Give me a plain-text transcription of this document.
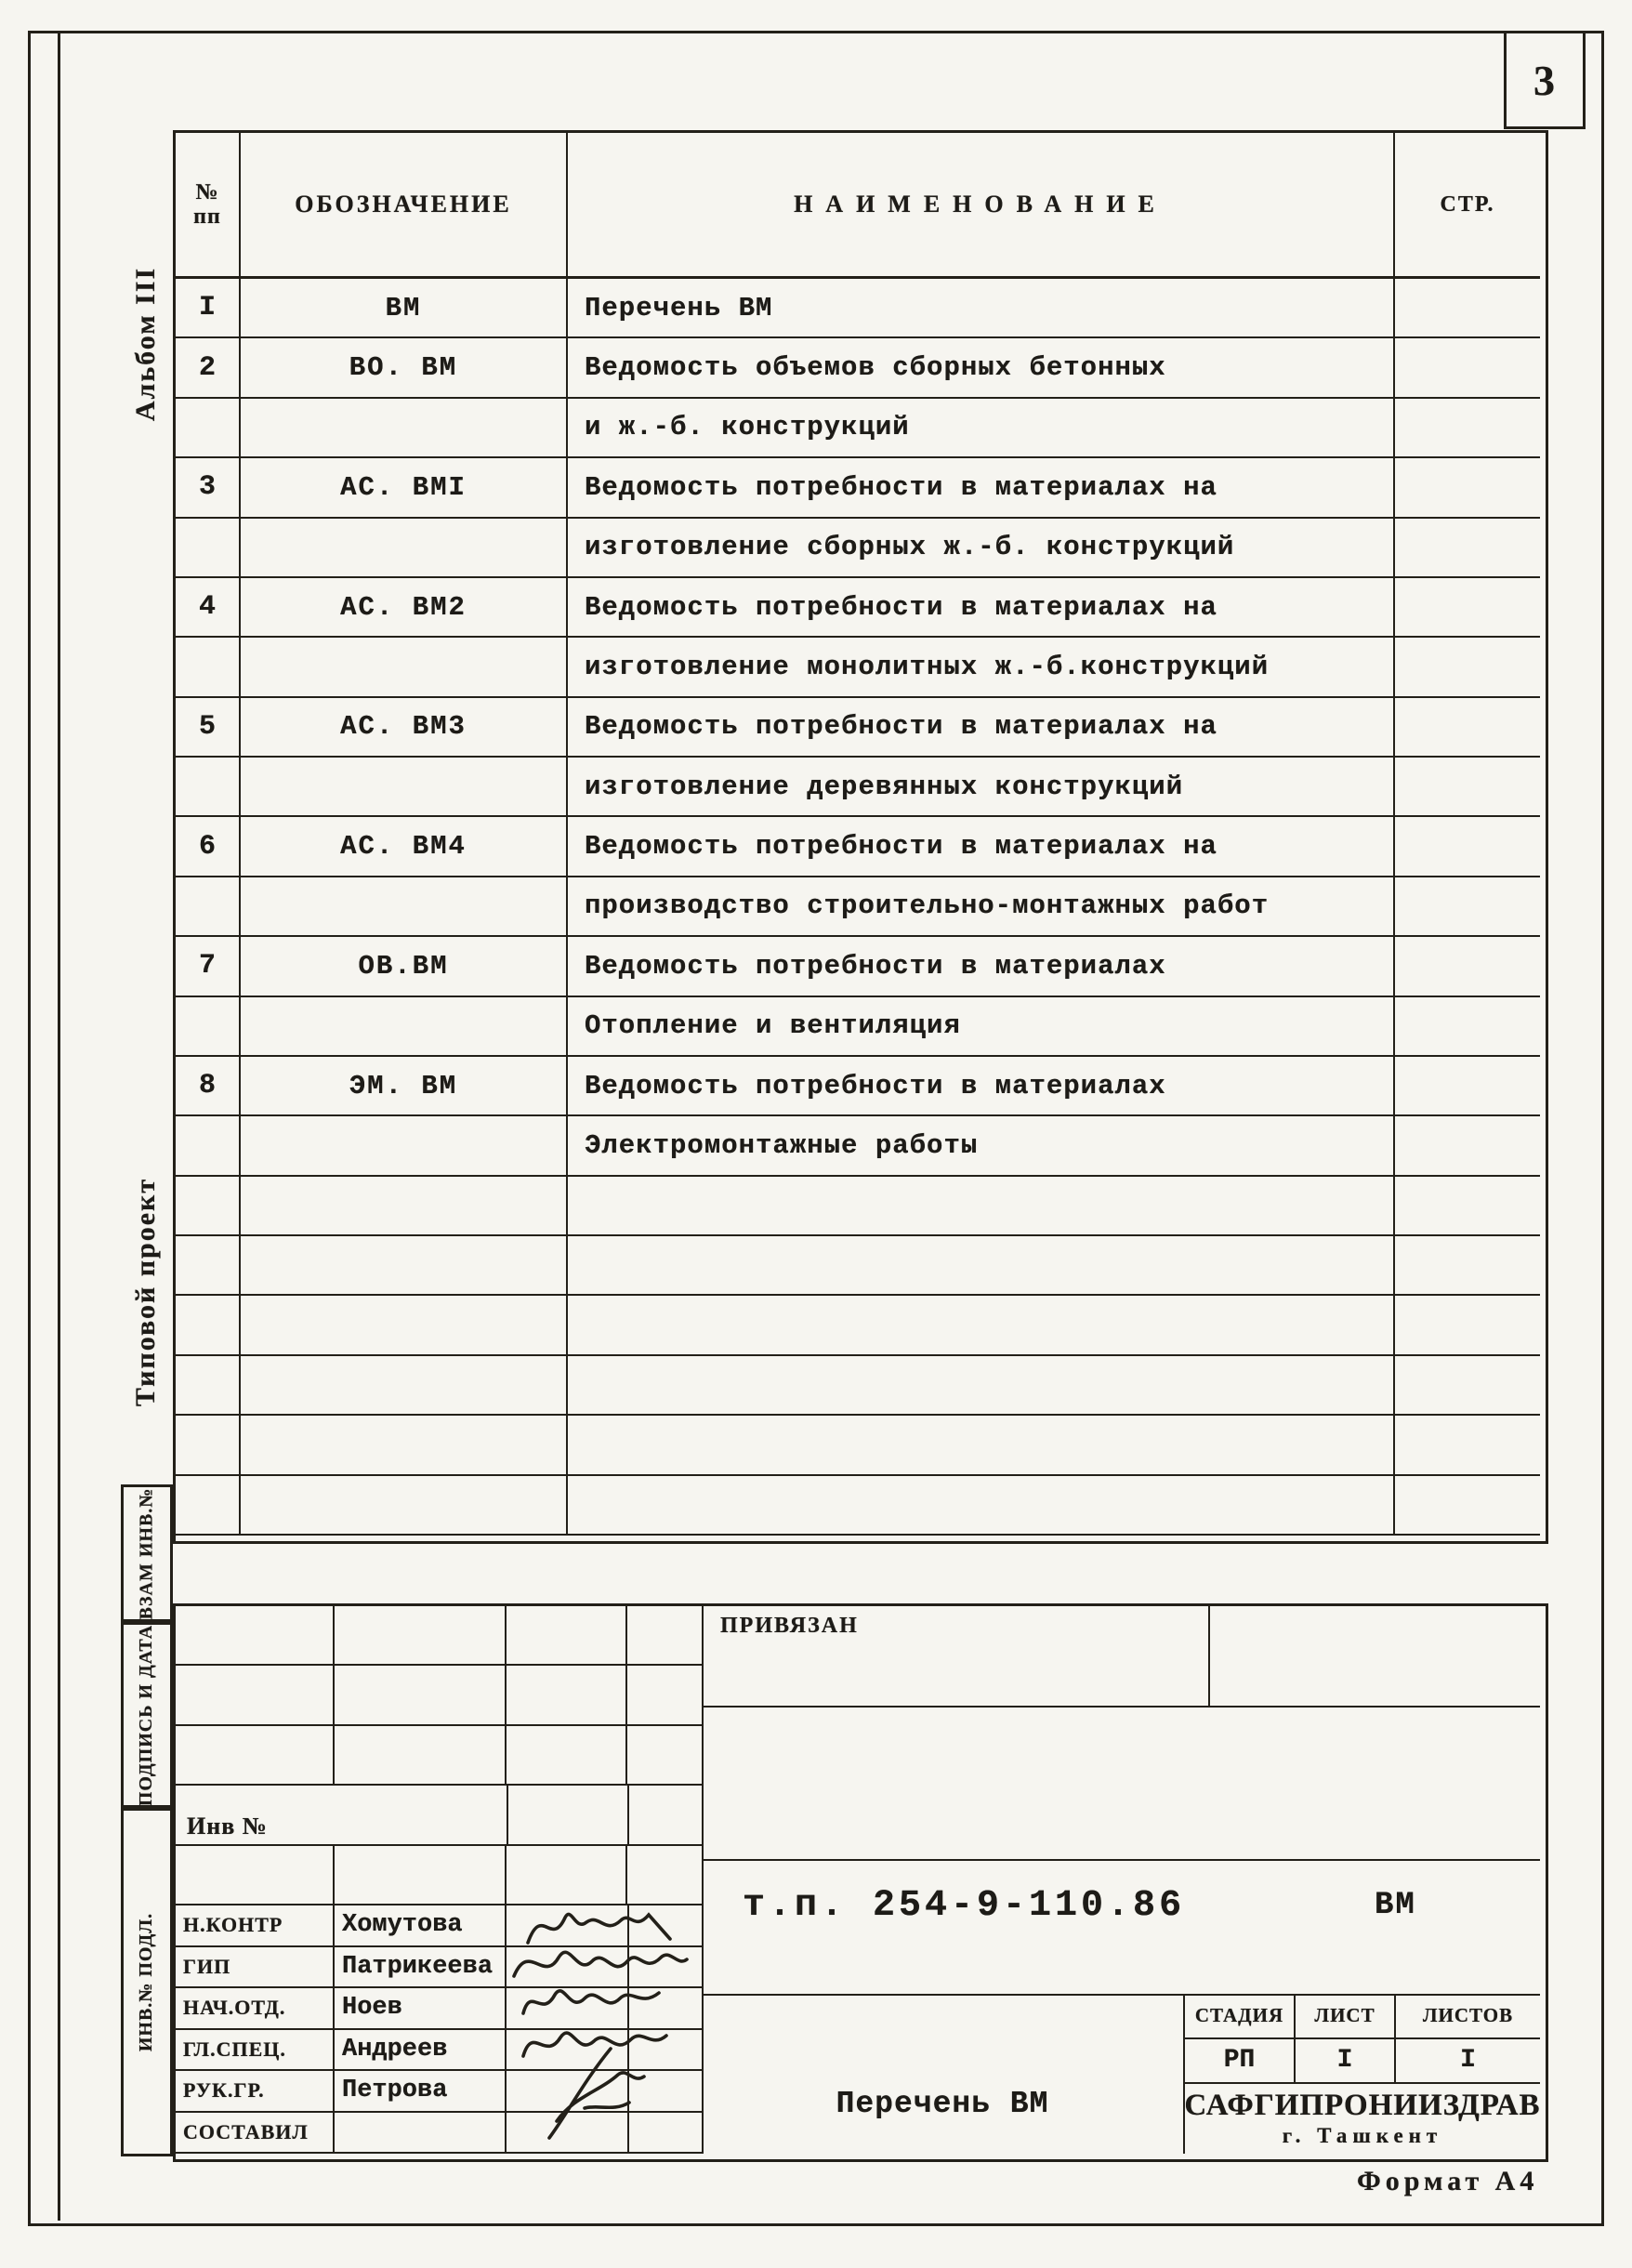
3
Альбом III
Типовой проект
№
пп	ОБОЗНАЧЕНИЕ	НАИМЕНОВАНИЕ	СТР.
I	ВМ	Перечень ВМ
2	ВО. ВМ	Ведомость объемов сборных бетонных
и ж.-б. конструкций
3	АС. ВМI	Ведомость потребности в материалах на
изготовление сборных ж.-б. конструкций
4	АС. ВМ2	Ведомость потребности в материалах на
изготовление монолитных ж.-б.конструкций
5	АС. ВМ3	Ведомость потребности в материалах на
изготовление деревянных конструкций
6	АС. ВМ4	Ведомость потребности в материалах на
производство строительно-монтажных работ
7	ОВ.ВМ	Ведомость потребности в материалах
Отопление и вентиляция
8	ЭМ. ВМ	Ведомость потребности в материалах
Электромонтажные работы
ВЗАМ ИНВ.№
ПОДПИСЬ И ДАТА
ИНВ.№ ПОДЛ.
Инв №
Н.КОНТР	Хомутова
ГИП	Патрикеева
НАЧ.ОТД.	Ноев
ГЛ.СПЕЦ.	Андреев
РУК.ГР.	Петрова
СОСТАВИЛ
ПРИВЯЗАН
т.п. 254-9-110.86	ВМ
Перечень ВМ
СТАДИЯ	ЛИСТ	ЛИСТОВ
РП	I	I
САФГИПРОНИИЗДРАВ
г. Ташкент
Формат А4
